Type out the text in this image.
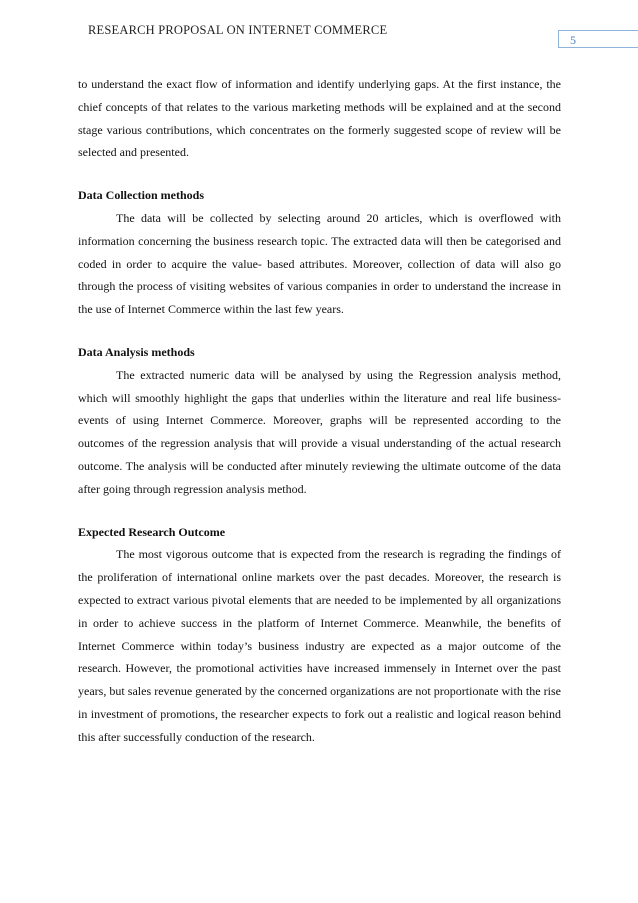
RESEARCH PROPOSAL ON INTERNET COMMERCE
5

to understand the exact flow of information and identify underlying gaps. At the first instance, the chief concepts of that relates to the various marketing methods will be explained and at the second stage various contributions, which concentrates on the formerly suggested scope of review will be selected and presented.

Data Collection methods

The data will be collected by selecting around 20 articles, which is overflowed with information concerning the business research topic. The extracted data will then be categorised and coded in order to acquire the value- based attributes. Moreover, collection of data will also go through the process of visiting websites of various companies in order to understand the increase in the use of Internet Commerce within the last few years.

Data Analysis methods

The extracted numeric data will be analysed by using the Regression analysis method, which will smoothly highlight the gaps that underlies within the literature and real life business- events of using Internet Commerce. Moreover, graphs will be represented according to the outcomes of the regression analysis that will provide a visual understanding of the actual research outcome. The analysis will be conducted after minutely reviewing the ultimate outcome of the data after going through regression analysis method.

Expected Research Outcome

The most vigorous outcome that is expected from the research is regrading the findings of the proliferation of international online markets over the past decades. Moreover, the research is expected to extract various pivotal elements that are needed to be implemented by all organizations in order to achieve success in the platform of Internet Commerce. Meanwhile, the benefits of Internet Commerce within today’s business industry are expected as a major outcome of the research. However, the promotional activities have increased immensely in Internet over the past years, but sales revenue generated by the concerned organizations are not proportionate with the rise in investment of promotions, the researcher expects to fork out a realistic and logical reason behind this after successfully conduction of the research.
